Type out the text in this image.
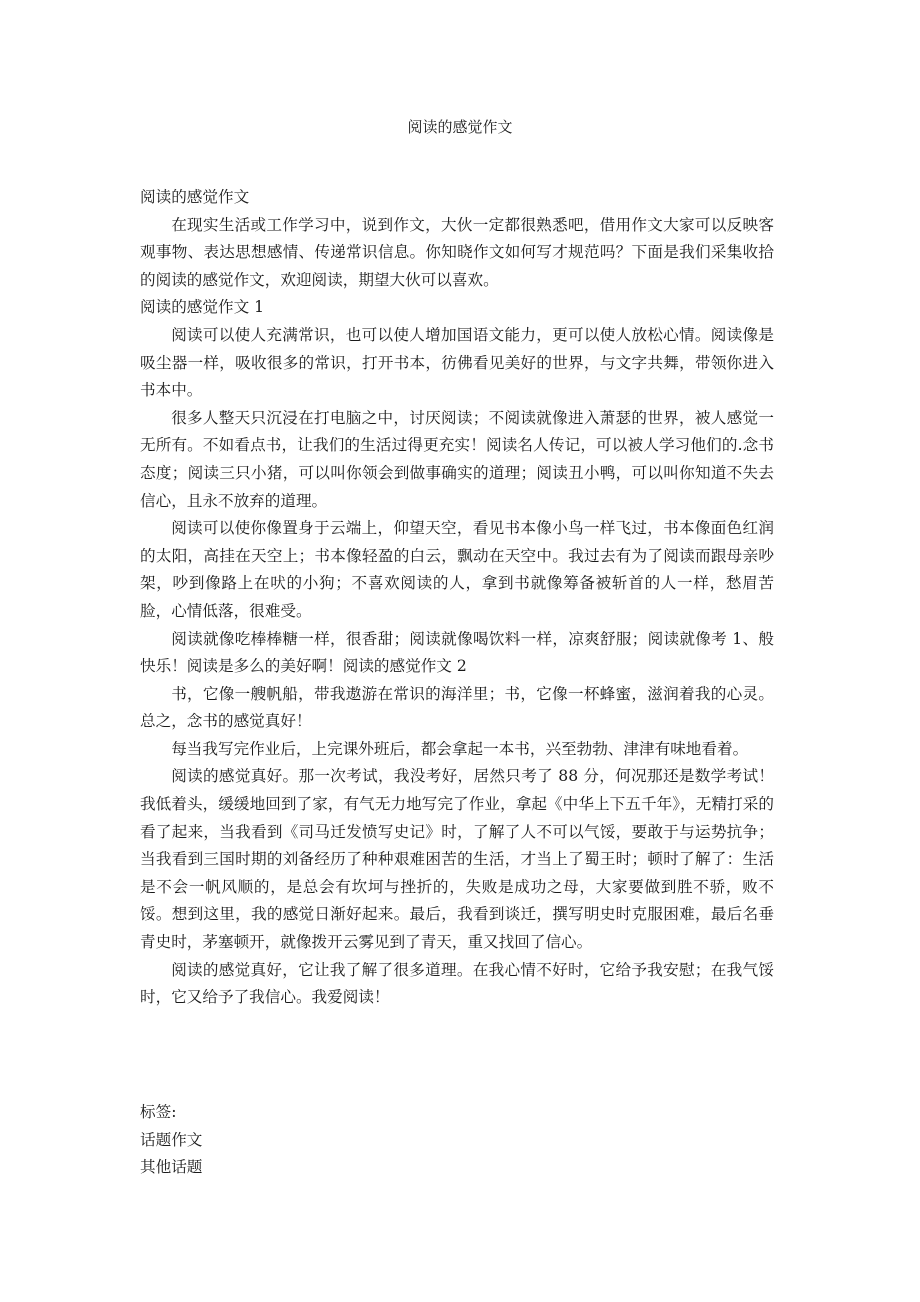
阅读的感觉作文

阅读的感觉作文

在现实生活或工作学习中，说到作文，大伙一定都很熟悉吧，借用作文大家可以反映客观事物、表达思想感情、传递常识信息。你知晓作文如何写才规范吗？下面是我们采集收拾的阅读的感觉作文，欢迎阅读，期望大伙可以喜欢。

阅读的感觉作文 1

阅读可以使人充满常识，也可以使人增加国语文能力，更可以使人放松心情。阅读像是吸尘器一样，吸收很多的常识，打开书本，彷佛看见美好的世界，与文字共舞，带领你进入书本中。

很多人整天只沉浸在打电脑之中，讨厌阅读；不阅读就像进入萧瑟的世界，被人感觉一无所有。不如看点书，让我们的生活过得更充实！阅读名人传记，可以被人学习他们的.念书态度；阅读三只小猪，可以叫你领会到做事确实的道理；阅读丑小鸭，可以叫你知道不失去信心，且永不放弃的道理。

阅读可以使你像置身于云端上，仰望天空，看见书本像小鸟一样飞过，书本像面色红润的太阳，高挂在天空上；书本像轻盈的白云，飘动在天空中。我过去有为了阅读而跟母亲吵架，吵到像路上在吠的小狗；不喜欢阅读的人，拿到书就像筹备被斩首的人一样，愁眉苦脸，心情低落，很难受。

阅读就像吃棒棒糖一样，很香甜；阅读就像喝饮料一样，凉爽舒服；阅读就像考 1、般快乐！阅读是多么的美好啊！阅读的感觉作文 2

书，它像一艘帆船，带我遨游在常识的海洋里；书，它像一杯蜂蜜，滋润着我的心灵。总之，念书的感觉真好！

每当我写完作业后，上完课外班后，都会拿起一本书，兴至勃勃、津津有味地看着。

阅读的感觉真好。那一次考试，我没考好，居然只考了 88 分，何况那还是数学考试！我低着头，缓缓地回到了家，有气无力地写完了作业，拿起《中华上下五千年》，无精打采的看了起来，当我看到《司马迁发愤写史记》时，了解了人不可以气馁，要敢于与运势抗争；当我看到三国时期的刘备经历了种种艰难困苦的生活，才当上了蜀王时；顿时了解了：生活是不会一帆风顺的，是总会有坎坷与挫折的，失败是成功之母，大家要做到胜不骄，败不馁。想到这里，我的感觉日渐好起来。最后，我看到谈迁，撰写明史时克服困难，最后名垂青史时，茅塞顿开，就像拨开云雾见到了青天，重又找回了信心。

阅读的感觉真好，它让我了解了很多道理。在我心情不好时，它给予我安慰；在我气馁时，它又给予了我信心。我爱阅读！

标签:
话题作文
其他话题
